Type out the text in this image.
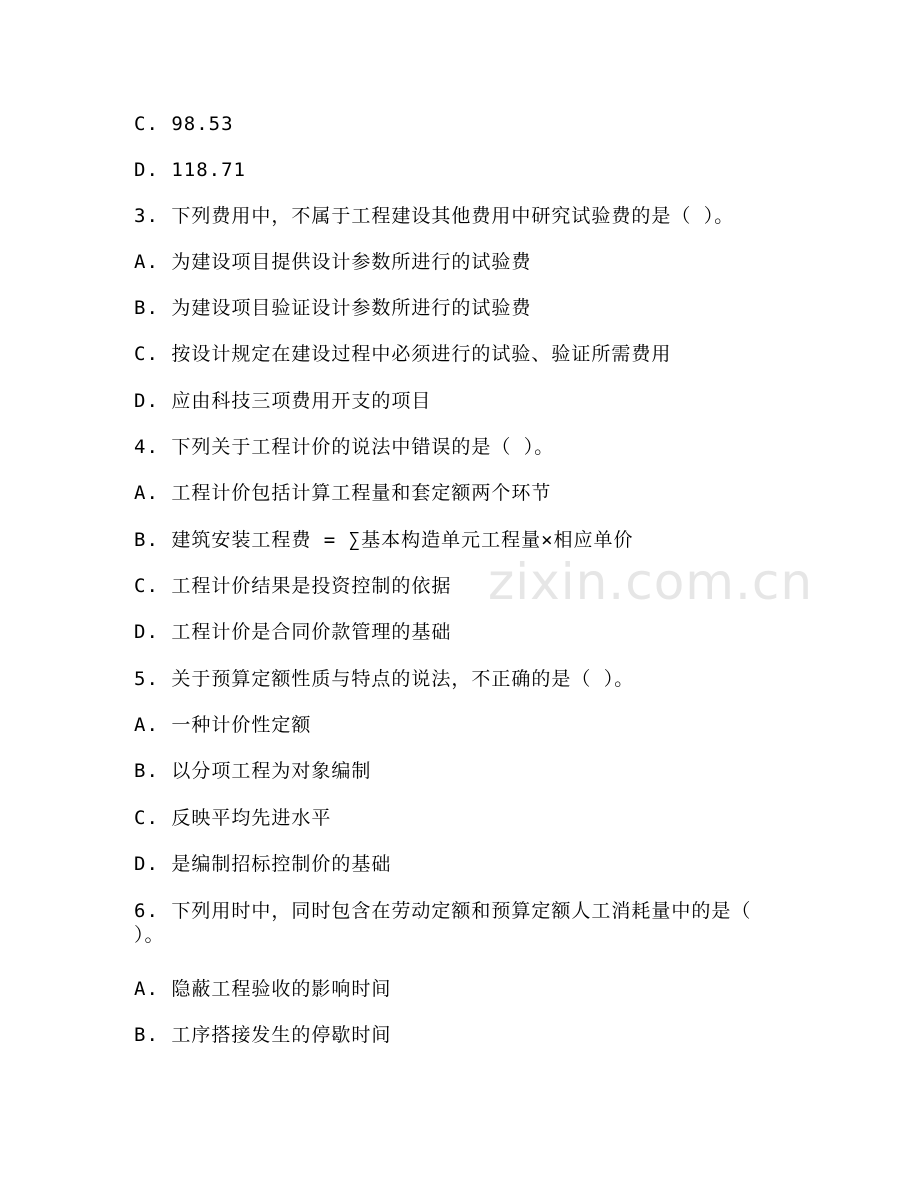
zixin.com.cn
C. 98.53
D. 118.71
3. 下列费用中，不属于工程建设其他费用中研究试验费的是（ ）。
A. 为建设项目提供设计参数所进行的试验费
B. 为建设项目验证设计参数所进行的试验费
C. 按设计规定在建设过程中必须进行的试验、验证所需费用
D. 应由科技三项费用开支的项目
4. 下列关于工程计价的说法中错误的是（ ）。
A. 工程计价包括计算工程量和套定额两个环节
B. 建筑安装工程费 = ∑基本构造单元工程量×相应单价
C. 工程计价结果是投资控制的依据
D. 工程计价是合同价款管理的基础
5. 关于预算定额性质与特点的说法，不正确的是（ ）。
A. 一种计价性定额
B. 以分项工程为对象编制
C. 反映平均先进水平
D. 是编制招标控制价的基础
6. 下列用时中，同时包含在劳动定额和预算定额人工消耗量中的是（ ）。
A. 隐蔽工程验收的影响时间
B. 工序搭接发生的停歇时间
